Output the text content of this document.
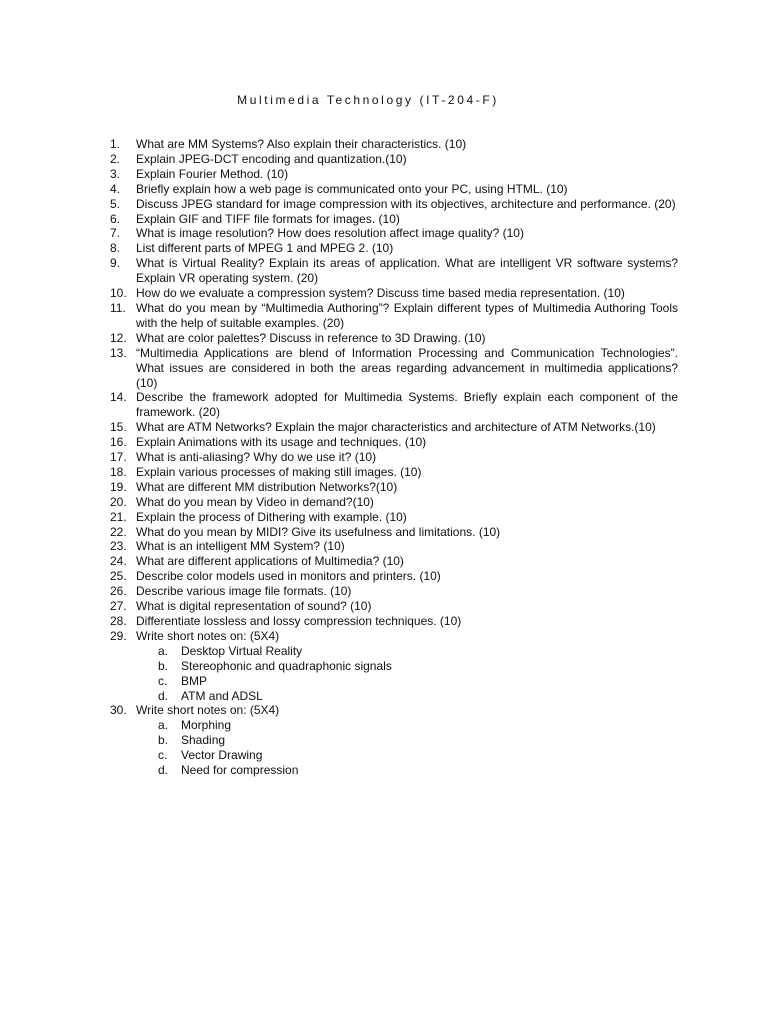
Multimedia Technology (IT-204-F)
1.	What are MM Systems? Also explain their characteristics. (10)
2.	Explain JPEG-DCT encoding and quantization.(10)
3.	Explain Fourier Method. (10)
4.	Briefly explain how a web page is communicated onto your PC, using HTML. (10)
5.	Discuss JPEG standard for image compression with its objectives, architecture and performance. (20)
6.	Explain GIF and TIFF file formats for images. (10)
7.	What is image resolution? How does resolution affect image quality? (10)
8.	List different parts of MPEG 1 and MPEG 2. (10)
9.	What is Virtual Reality? Explain its areas of application. What are intelligent VR software systems? Explain VR operating system. (20)
10. How do we evaluate a compression system? Discuss time based media representation. (10)
11. What do you mean by “Multimedia Authoring”? Explain different types of Multimedia Authoring Tools with the help of suitable examples. (20)
12. What are color palettes? Discuss in reference to 3D Drawing. (10)
13. “Multimedia Applications are blend of Information Processing and Communication Technologies”. What issues are considered in both the areas regarding advancement in multimedia applications? (10)
14. Describe the framework adopted for Multimedia Systems. Briefly explain each component of the framework. (20)
15. What are ATM Networks? Explain the major characteristics and architecture of ATM Networks.(10)
16. Explain Animations with its usage and techniques. (10)
17. What is anti-aliasing? Why do we use it? (10)
18. Explain various processes of making still images. (10)
19. What are different MM distribution Networks?(10)
20. What do you mean by Video in demand?(10)
21. Explain the process of Dithering with example. (10)
22. What do you mean by MIDI? Give its usefulness and limitations. (10)
23. What is an intelligent MM System? (10)
24. What are different applications of Multimedia? (10)
25. Describe color models used in monitors and printers. (10)
26. Describe various image file formats. (10)
27. What is digital representation of sound? (10)
28. Differentiate lossless and lossy compression techniques. (10)
29. Write short notes on: (5X4)
a.	Desktop Virtual Reality
b.	Stereophonic and quadraphonic signals
c.	BMP
d.	ATM and ADSL
30. Write short notes on: (5X4)
a.	Morphing
b.	Shading
c.	Vector Drawing
d.	Need for compression
